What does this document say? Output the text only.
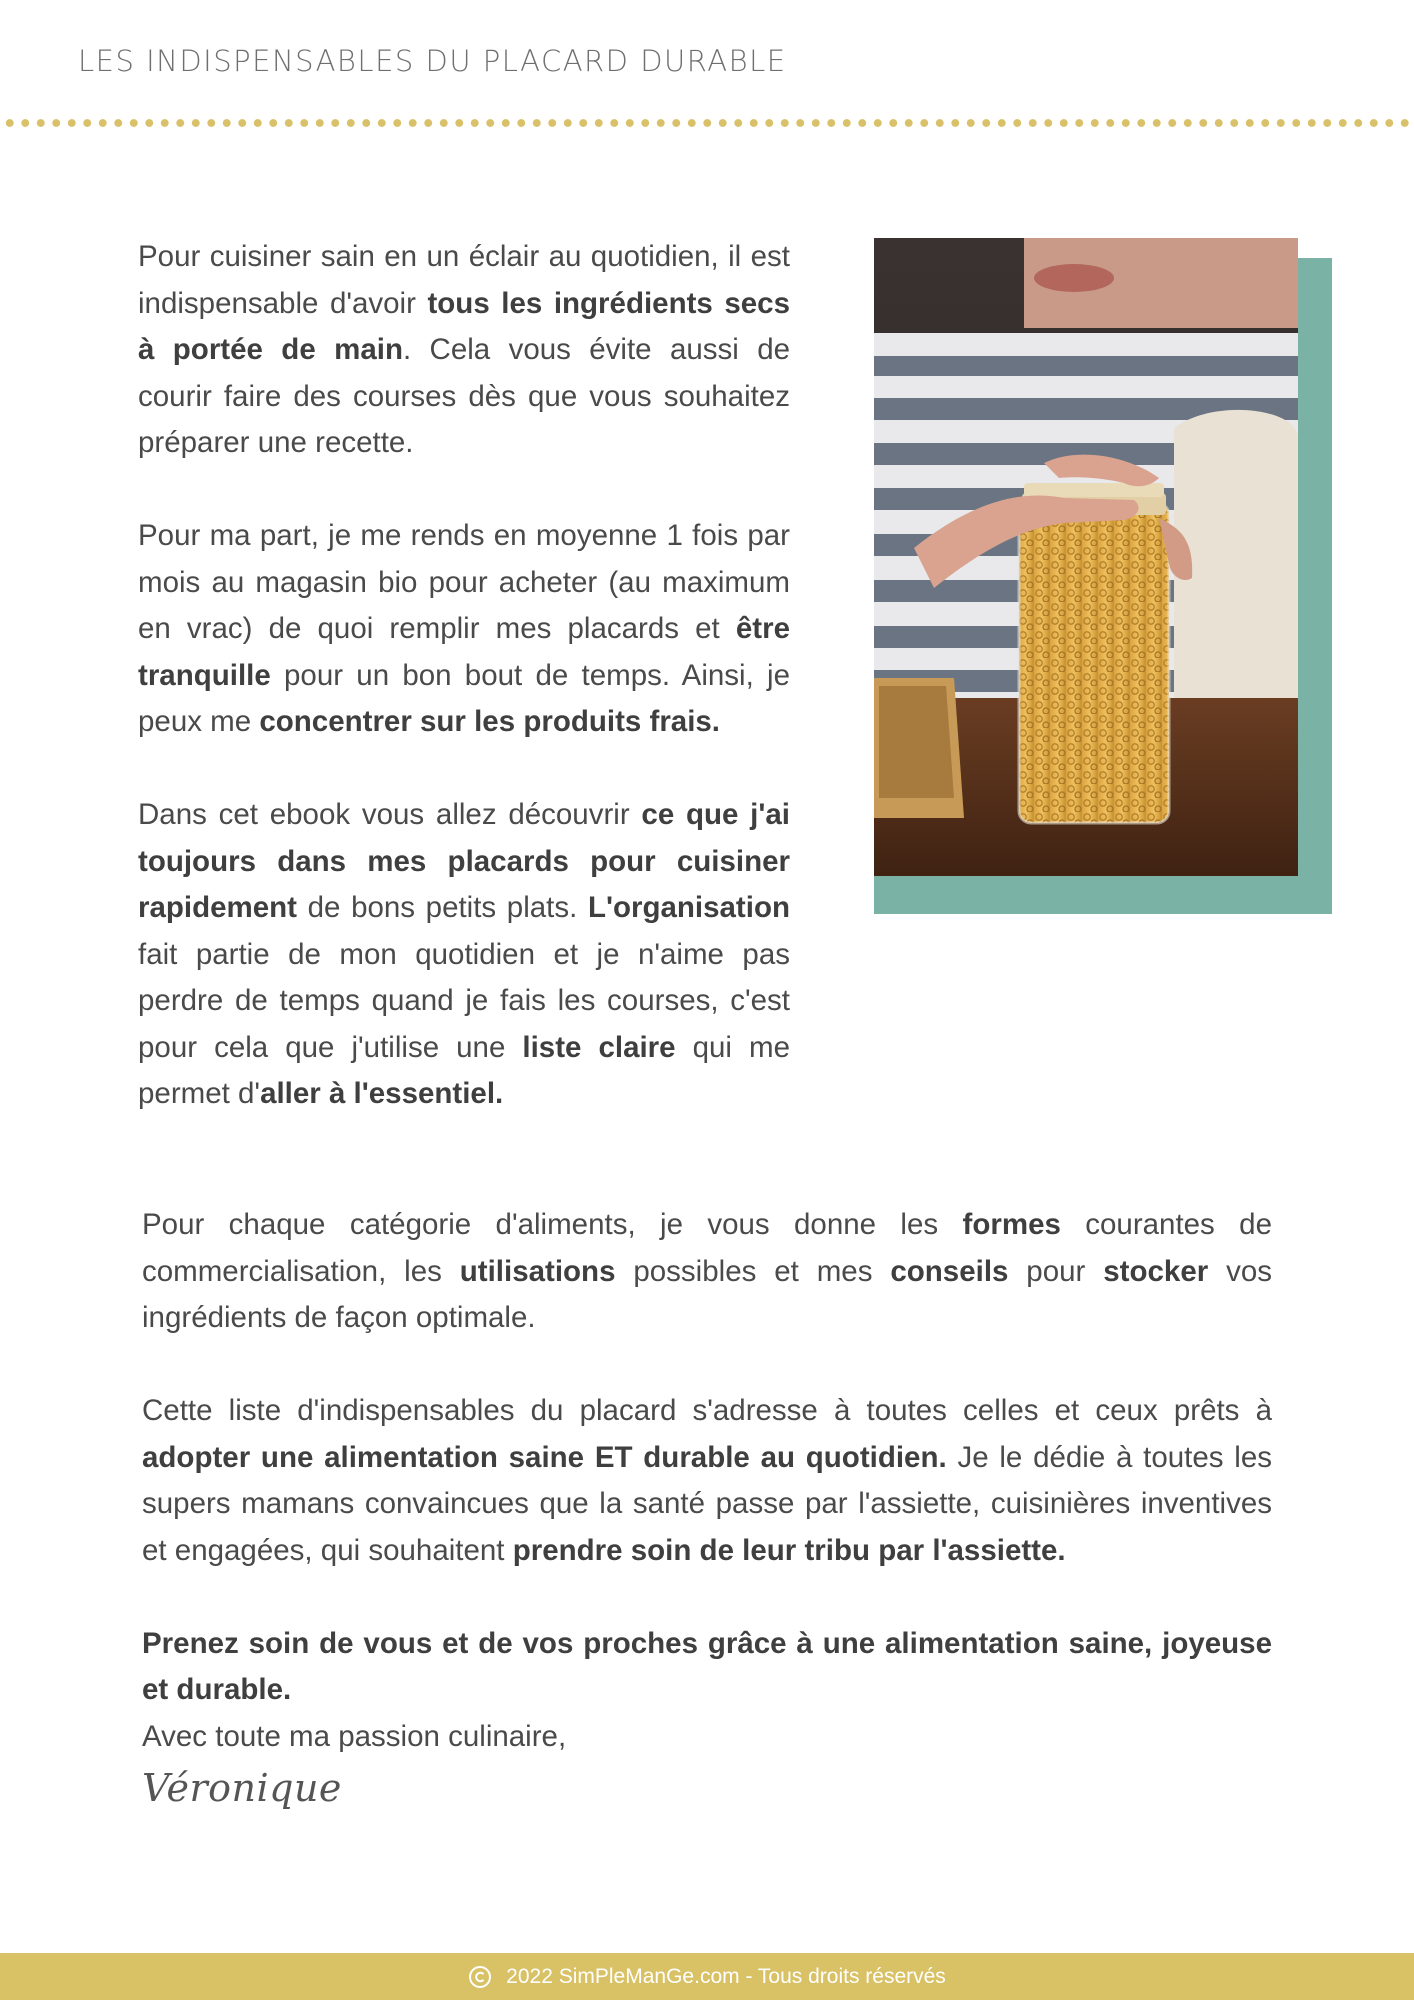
LES INDISPENSABLES DU PLACARD DURABLE

Pour cuisiner sain en un éclair au quotidien, il est indispensable d'avoir tous les ingrédients secs à portée de main. Cela vous évite aussi de courir faire des courses dès que vous souhaitez préparer une recette.

Pour ma part, je me rends en moyenne 1 fois par mois au magasin bio pour acheter (au maximum en vrac) de quoi remplir mes placards et être tranquille pour un bon bout de temps. Ainsi, je peux me concentrer sur les produits frais.

Dans cet ebook vous allez découvrir ce que j'ai toujours dans mes placards pour cuisiner rapidement de bons petits plats. L'organisation fait partie de mon quotidien et je n'aime pas perdre de temps quand je fais les courses, c'est pour cela que j'utilise une liste claire qui me permet d'aller à l'essentiel.

Pour chaque catégorie d'aliments, je vous donne les formes courantes de commercialisation, les utilisations possibles et mes conseils pour stocker vos ingrédients de façon optimale.

Cette liste d'indispensables du placard s'adresse à toutes celles et ceux prêts à adopter une alimentation saine ET durable au quotidien. Je le dédie à toutes les supers mamans convaincues que la santé passe par l'assiette, cuisinières inventives et engagées, qui souhaitent prendre soin de leur tribu par l'assiette.

Prenez soin de vous et de vos proches grâce à une alimentation saine, joyeuse et durable.

Avec toute ma passion culinaire,

Véronique

2022 SimPleManGe.com - Tous droits réservés
